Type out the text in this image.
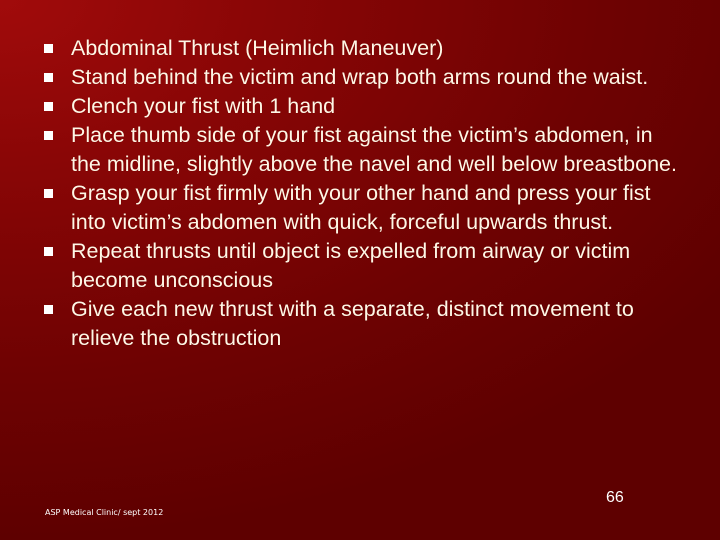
Abdominal Thrust (Heimlich Maneuver)
Stand behind the victim and wrap both arms round the waist.
Clench your fist with 1 hand
Place thumb side of your fist against the victim’s abdomen, in the midline, slightly above the navel and well below breastbone.
Grasp your fist firmly with your other hand and press your fist into victim’s abdomen with quick, forceful upwards thrust.
Repeat thrusts until object is expelled from airway or victim become unconscious
Give each new thrust with a separate, distinct movement to relieve the obstruction
ASP Medical Clinic/ sept 2012
66
